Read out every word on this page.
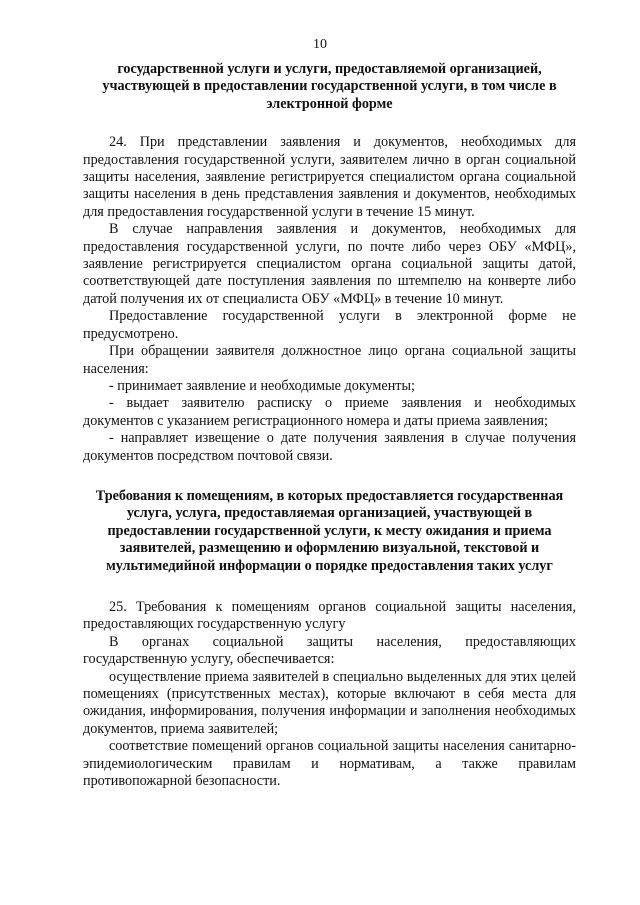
10
государственной услуги и услуги, предоставляемой организацией, участвующей в предоставлении государственной услуги, в том числе в электронной форме

24. При представлении заявления и документов, необходимых для предоставления государственной услуги, заявителем лично в орган социальной защиты населения, заявление регистрируется специалистом органа социальной защиты населения в день представления заявления и документов, необходимых для предоставления государственной услуги в течение 15 минут.

В случае направления заявления и документов, необходимых для предоставления государственной услуги, по почте либо через ОБУ «МФЦ», заявление регистрируется специалистом органа социальной защиты датой, соответствующей дате поступления заявления по штемпелю на конверте либо датой получения их от специалиста ОБУ «МФЦ» в течение 10 минут.

Предоставление государственной услуги в электронной форме не предусмотрено.

При обращении заявителя должностное лицо органа социальной защиты населения:

- принимает заявление и необходимые документы;

- выдает заявителю расписку о приеме заявления и необходимых документов с указанием регистрационного номера и даты приема заявления;

- направляет извещение о дате получения заявления в случае получения документов посредством почтовой связи.

Требования к помещениям, в которых предоставляется государственная услуга, услуга, предоставляемая организацией, участвующей в предоставлении государственной услуги, к месту ожидания и приема заявителей, размещению и оформлению визуальной, текстовой и мультимедийной информации о порядке предоставления таких услуг

25. Требования к помещениям органов социальной защиты населения, предоставляющих государственную услугу

В органах социальной защиты населения, предоставляющих государственную услугу, обеспечивается:

осуществление приема заявителей в специально выделенных для этих целей помещениях (присутственных местах), которые включают в себя места для ожидания, информирования, получения информации и заполнения необходимых документов, приема заявителей;

соответствие помещений органов социальной защиты населения санитарно-эпидемиологическим правилам и нормативам, а также правилам противопожарной безопасности.
